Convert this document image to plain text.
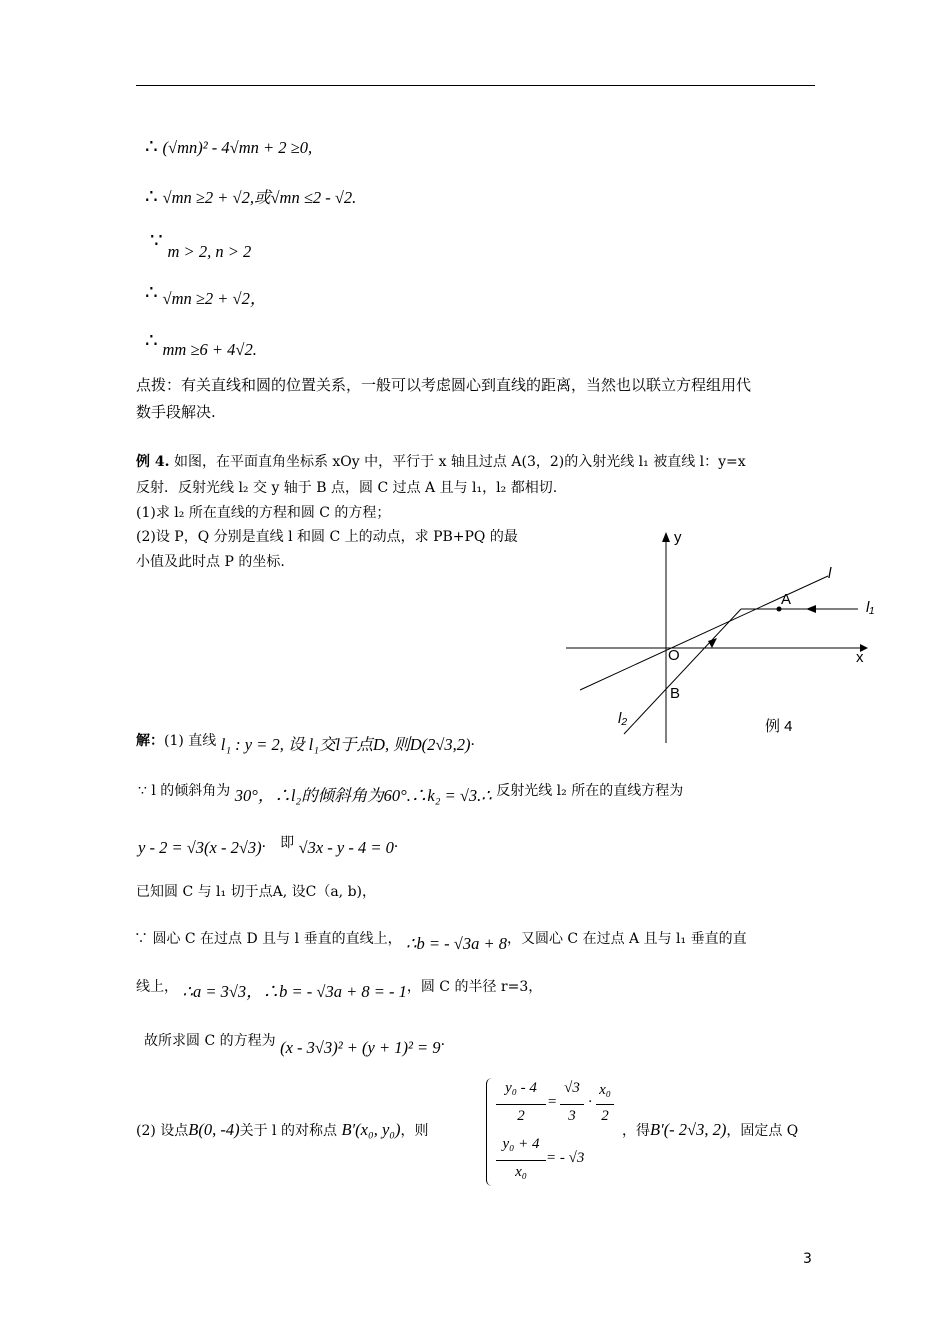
∴ (√mn)² - 4√mn + 2 ≥0,
∴ √mn ≥2 + √2,或√mn ≤2 - √2.
∵ m > 2, n > 2
∴ √mn ≥2 + √2，
∴ mm ≥6 + 4√2.
点拨：有关直线和圆的位置关系，一般可以考虑圆心到直线的距离，当然也以联立方程组用代
数手段解决.
例 4. 如图，在平面直角坐标系 xOy 中，平行于 x 轴且过点 A(3，2)的入射光线 l₁ 被直线 l：y=x
反射．反射光线 l₂ 交 y 轴于 B 点，圆 C 过点 A 且与 l₁，l₂ 都相切.
(1)求 l₂ 所在直线的方程和圆 C 的方程；
(2)设 P，Q 分别是直线 l 和圆 C 上的动点，求 PB+PQ 的最
小值及此时点 P 的坐标.
y
x
O
l
A	l₁
B
l₂	例 4
解：(1) 直线 l₁ : y = 2, 设 l₁交l于点D, 则D(2√3,2)．
∵ l 的倾斜角为 30°，∴l₂的倾斜角为60°.∴k₂ = √3.∴ 反射光线 l₂ 所在的直线方程为
y - 2 = √3(x - 2√3)． 即 √3x - y - 4 = 0．
已知圆 C 与 l₁ 切于点A, 设C（a, b)，
∵ 圆心 C 在过点 D 且与 l 垂直的直线上， ∴b = - √3a + 8，又圆心 C 在过点 A 且与 l₁ 垂直的直
线上， ∴a = 3√3，∴b = - √3a + 8 = - 1，圆 C 的半径 r=3，
故所求圆 C 的方程为 (x - 3√3)² + (y + 1)² = 9．
(2) 设点B(0, -4)关于 l 的对称点 B′(x₀, y₀)，则
y₀ - 4
2
=
√3
3
·
x₀
2
y₀ + 4
x₀
= - √3
，得B′(- 2√3, 2)，固定点 Q
3
